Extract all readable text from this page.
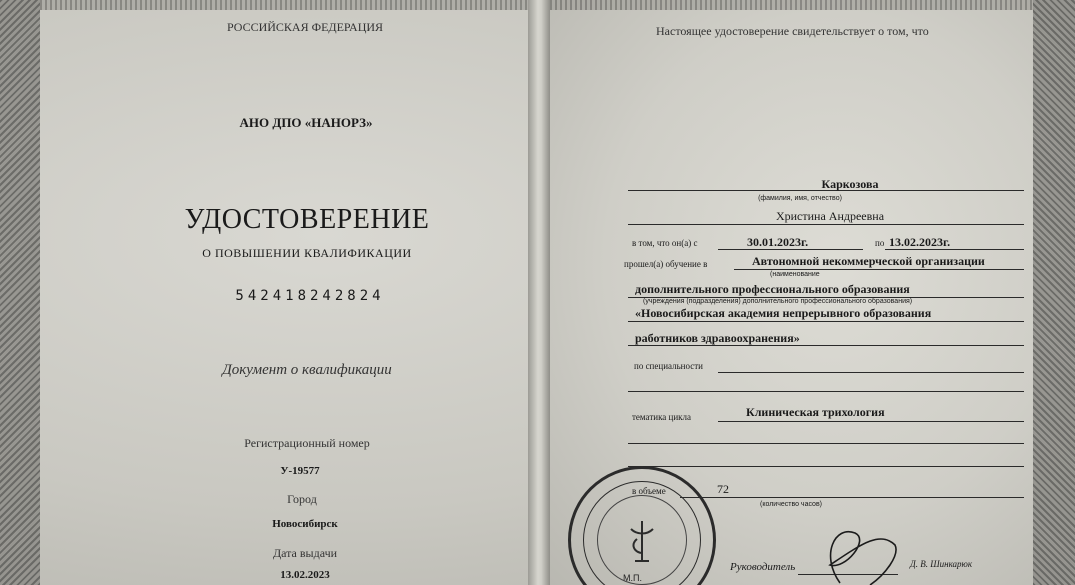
РОССИЙСКАЯ ФЕДЕРАЦИЯ
АНО ДПО «НАНОРЗ»
УДОСТОВЕРЕНИЕ
О ПОВЫШЕНИИ КВАЛИФИКАЦИИ
542418242824
Документ о квалификации
Регистрационный номер
У-19577
Город
Новосибирск
Дата выдачи
13.02.2023
Настоящее удостоверение свидетельствует о том, что
Каркозова
(фамилия, имя, отчество)
Христина Андреевна
в том, что он(а) с	30.01.2023г.	по 13.02.2023г.
прошел(а) обучение в	Автономной некоммерческой организации
(наименование
дополнительного профессионального образования
(учреждения (подразделения) дополнительного профессионального образования)
«Новосибирская академия непрерывного образования
работников здравоохранения»
по специальности
тематика цикла	Клиническая трихология
в объеме	72
(количество часов)
Руководитель	Д. В. Шинкарюк
М.П.
